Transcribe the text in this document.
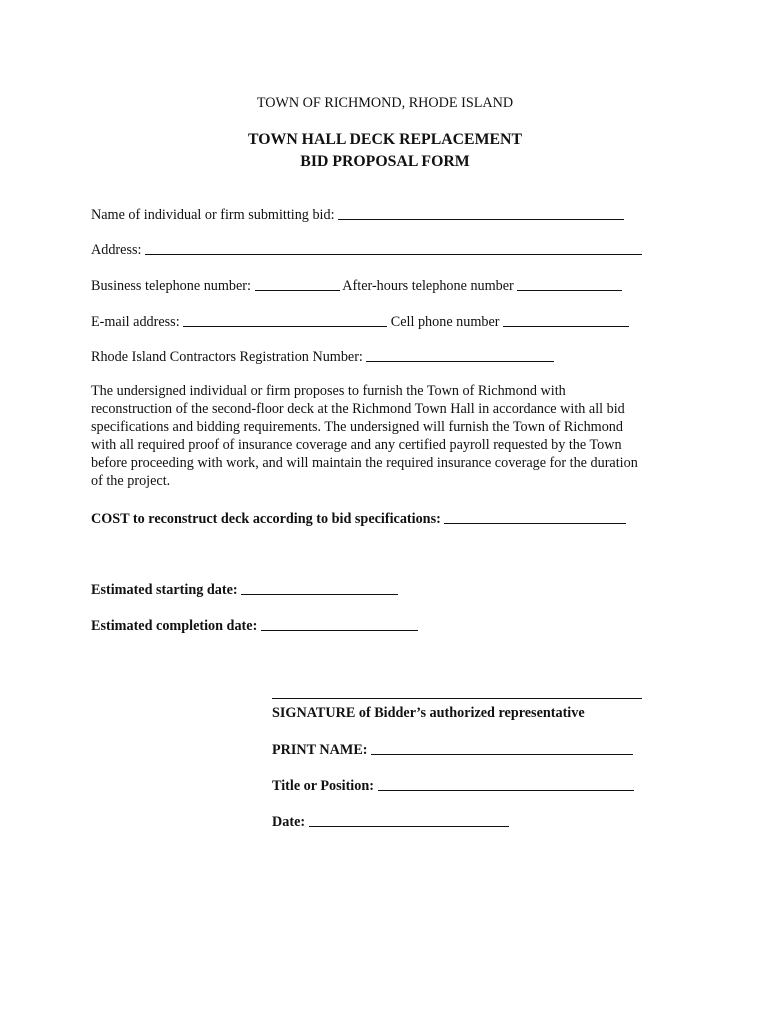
TOWN OF RICHMOND, RHODE ISLAND
TOWN HALL DECK REPLACEMENT
BID PROPOSAL FORM
Name of individual or firm submitting bid:
Address:
Business telephone number:	After-hours telephone number
E-mail address:	Cell phone number
Rhode Island Contractors Registration Number:
The undersigned individual or firm proposes to furnish the Town of Richmond with
reconstruction of the second-floor deck at the Richmond Town Hall in accordance with all bid
specifications and bidding requirements. The undersigned will furnish the Town of Richmond
with all required proof of insurance coverage and any certified payroll requested by the Town
before proceeding with work, and will maintain the required insurance coverage for the duration
of the project.
COST to reconstruct deck according to bid specifications:
Estimated starting date:
Estimated completion date:
SIGNATURE of Bidder’s authorized representative
PRINT NAME:
Title or Position:
Date:
